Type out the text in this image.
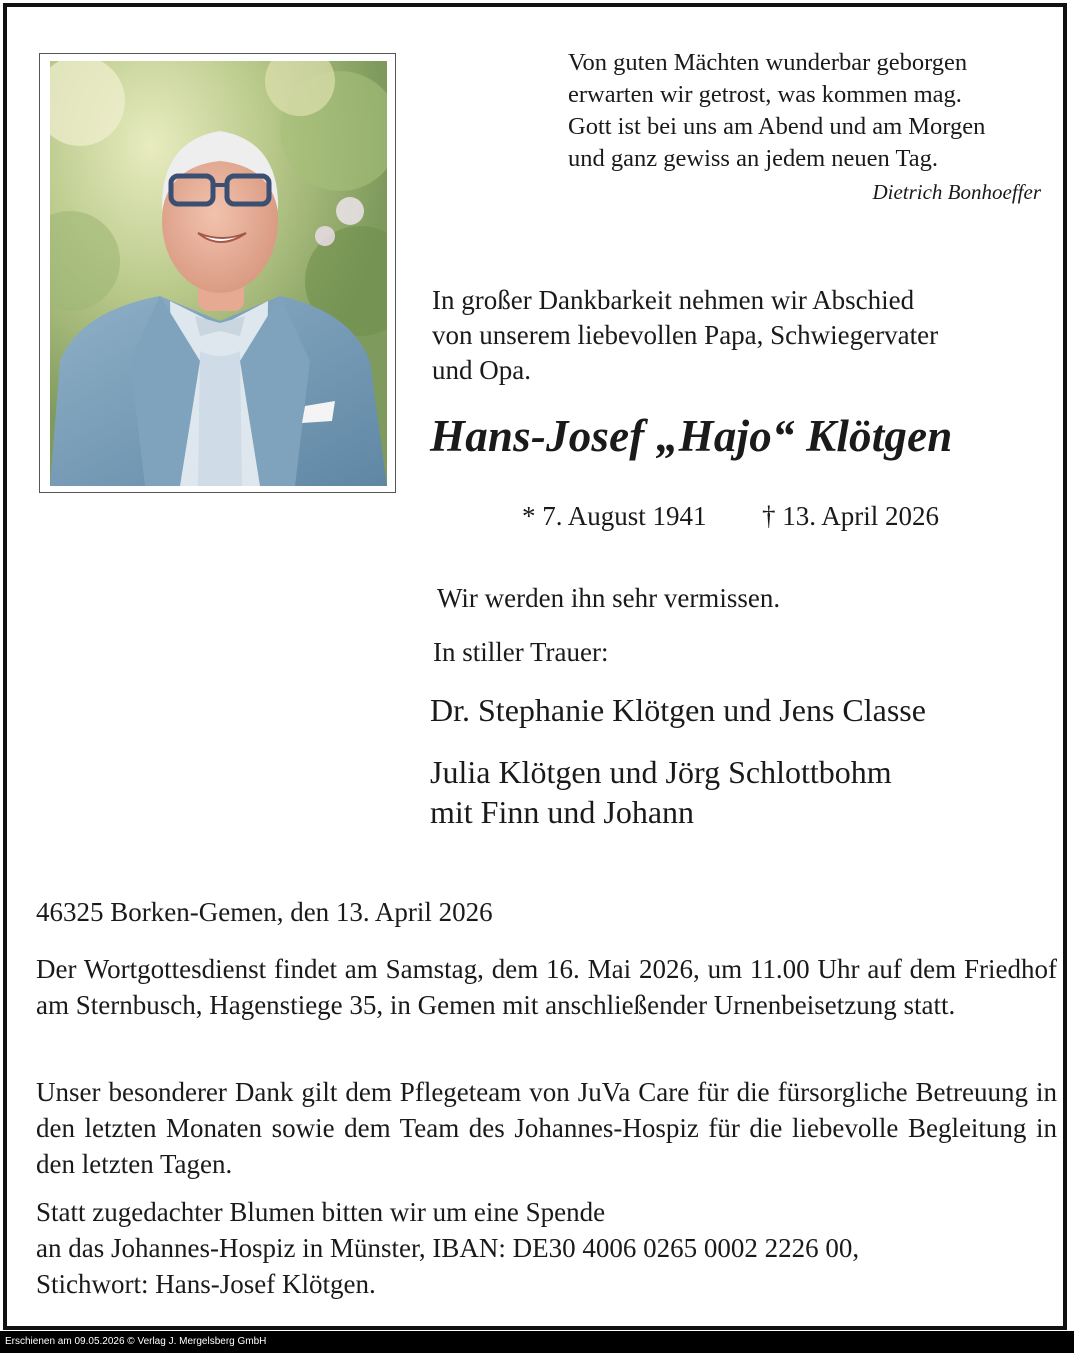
Von guten Mächten wunderbar geborgen
erwarten wir getrost, was kommen mag.
Gott ist bei uns am Abend und am Morgen
und ganz gewiss an jedem neuen Tag.
Dietrich Bonhoeffer
In großer Dankbarkeit nehmen wir Abschied
von unserem liebevollen Papa, Schwiegervater
und Opa.
Hans-Josef „Hajo“ Klötgen
* 7. August 1941 † 13. April 2026
Wir werden ihn sehr vermissen.
In stiller Trauer:
Dr. Stephanie Klötgen und Jens Classe
Julia Klötgen und Jörg Schlottbohm
mit Finn und Johann
46325 Borken-Gemen, den 13. April 2026
Der Wortgottesdienst findet am Samstag, dem 16. Mai 2026, um 11.00 Uhr auf dem Friedhof am Sternbusch, Hagenstiege 35, in Gemen mit anschließender Urnenbeisetzung statt.
Unser besonderer Dank gilt dem Pflegeteam von JuVa Care für die fürsorgliche Betreuung in den letzten Monaten sowie dem Team des Johannes-Hospiz für die liebevolle Begleitung in den letzten Tagen.
Statt zugedachter Blumen bitten wir um eine Spende
an das Johannes-Hospiz in Münster, IBAN: DE30 4006 0265 0002 2226 00,
Stichwort: Hans-Josef Klötgen.
Erschienen am 09.05.2026 © Verlag J. Mergelsberg GmbH
